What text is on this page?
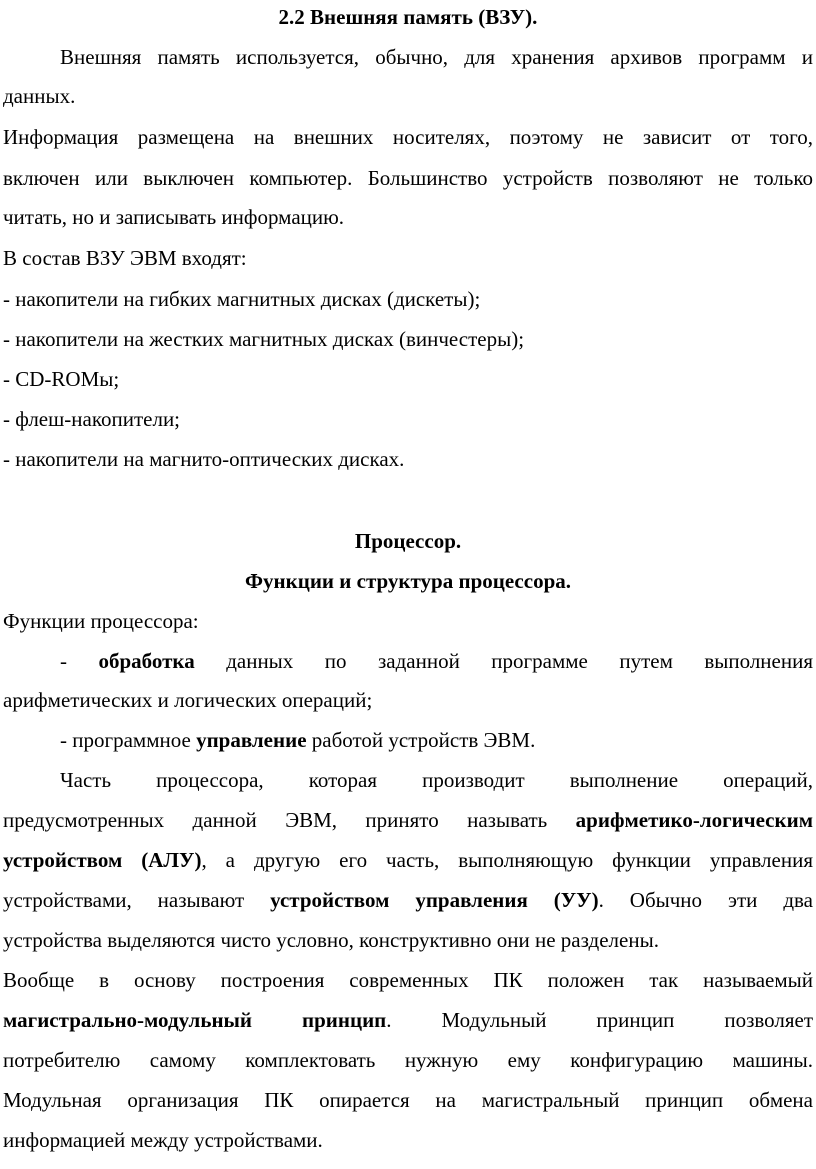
2.2 Внешняя память (ВЗУ).
Внешняя память используется, обычно, для хранения архивов программ и
данных.
Информация размещена на внешних носителях, поэтому не зависит от того,
включен или выключен компьютер. Большинство устройств позволяют не только
читать, но и записывать информацию.
В состав ВЗУ ЭВМ входят:
- накопители на гибких магнитных дисках (дискеты);
- накопители на жестких магнитных дисках (винчестеры);
- CD-ROMы;
- флеш-накопители;
- накопители на магнито-оптических дисках.
Процессор.
Функции и структура процессора.
Функции процессора:
- обработка данных по заданной программе путем выполнения
арифметических и логических операций;
- программное управление работой устройств ЭВМ.
Часть процессора, которая производит выполнение операций,
предусмотренных данной ЭВМ, принято называть арифметико-логическим
устройством (АЛУ), а другую его часть, выполняющую функции управления
устройствами, называют устройством управления (УУ). Обычно эти два
устройства выделяются чисто условно, конструктивно они не разделены.
Вообще в основу построения современных ПК положен так называемый
магистрально-модульный принцип. Модульный принцип позволяет
потребителю самому комплектовать нужную ему конфигурацию машины.
Модульная организация ПК опирается на магистральный принцип обмена
информацией между устройствами.
